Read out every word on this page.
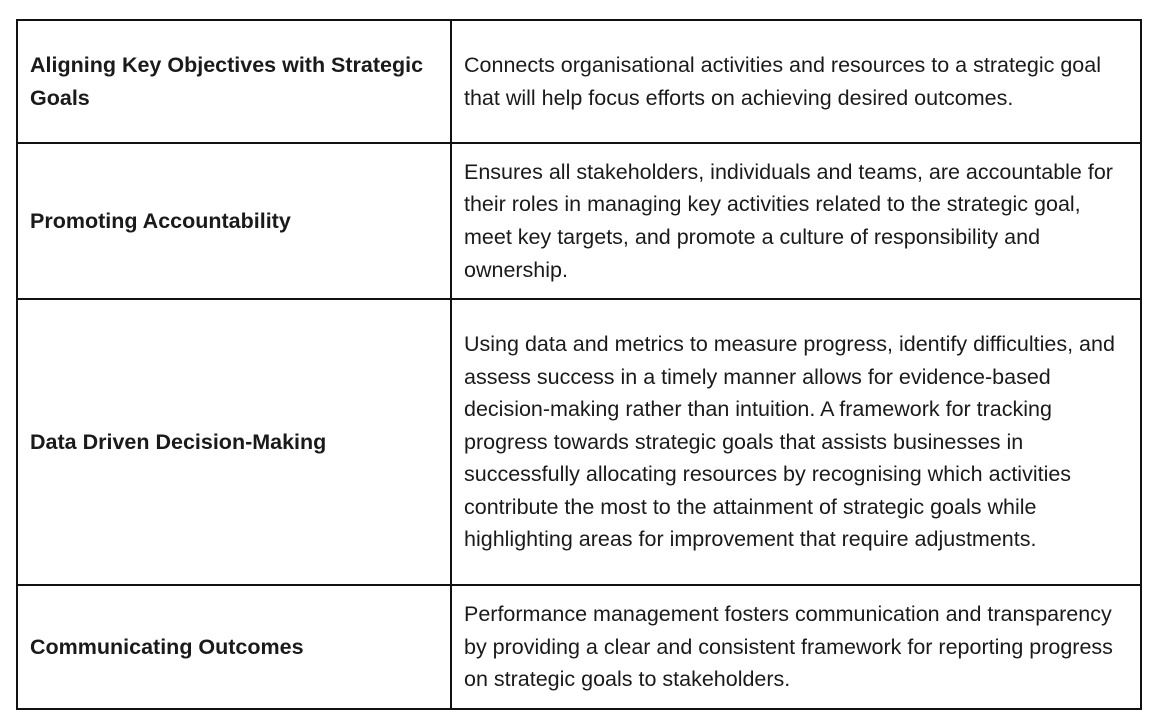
Aligning Key Objectives with Strategic Goals	Connects organisational activities and resources to a strategic goal that will help focus efforts on achieving desired outcomes.
Promoting Accountability	Ensures all stakeholders, individuals and teams, are accountable for their roles in managing key activities related to the strategic goal, meet key targets, and promote a culture of responsibility and ownership.
Data Driven Decision-Making	Using data and metrics to measure progress, identify difficulties, and assess success in a timely manner allows for evidence-based decision-making rather than intuition. A framework for tracking progress towards strategic goals that assists businesses in successfully allocating resources by recognising which activities contribute the most to the attainment of strategic goals while highlighting areas for improvement that require adjustments.
Communicating Outcomes	Performance management fosters communication and transparency by providing a clear and consistent framework for reporting progress on strategic goals to stakeholders.
